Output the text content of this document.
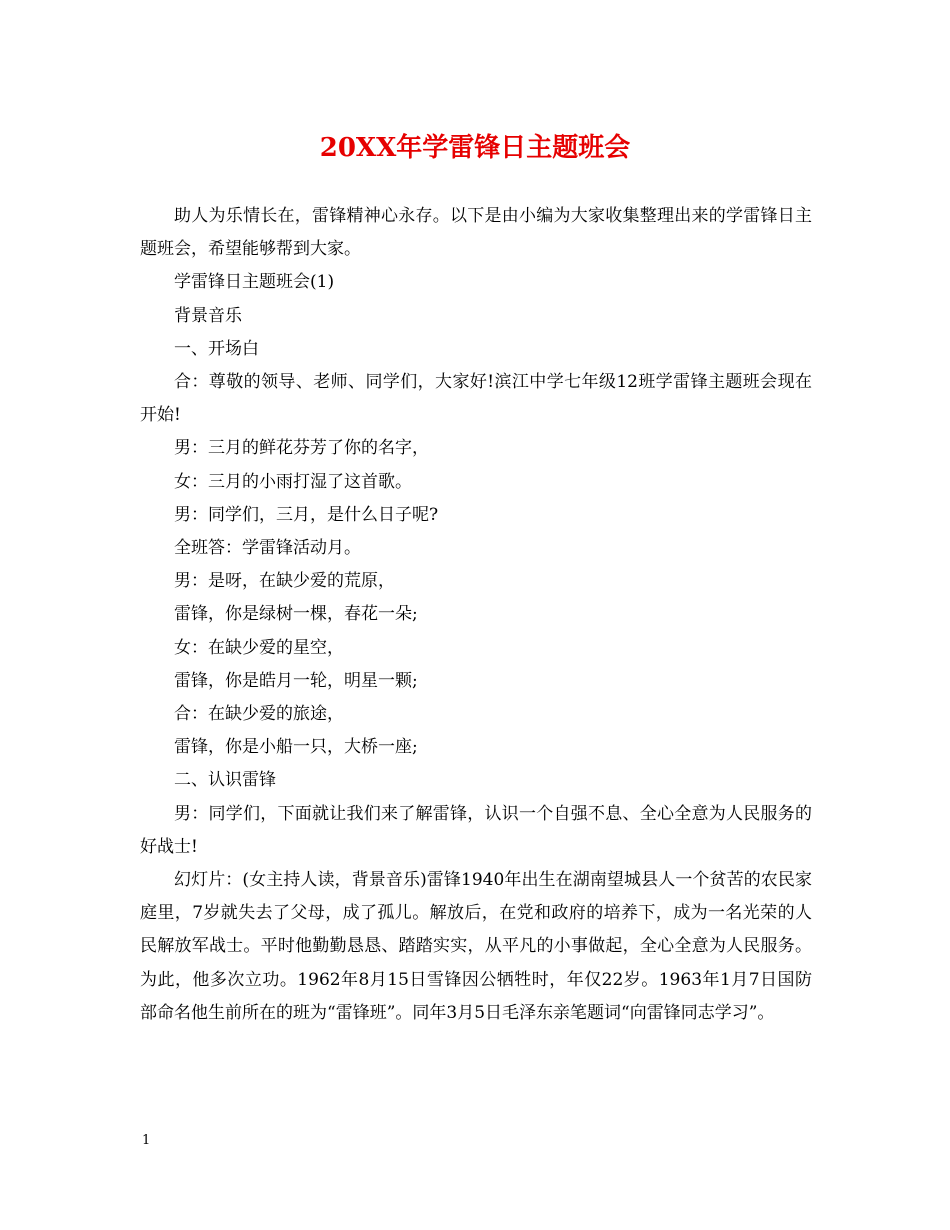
20XX年学雷锋日主题班会

助人为乐情长在，雷锋精神心永存。以下是由小编为大家收集整理出来的学雷锋日主题班会，希望能够帮到大家。

学雷锋日主题班会(1)

背景音乐

一、开场白

合：尊敬的领导、老师、同学们，大家好!滨江中学七年级12班学雷锋主题班会现在开始!

男：三月的鲜花芬芳了你的名字，

女：三月的小雨打湿了这首歌。

男：同学们，三月，是什么日子呢?

全班答：学雷锋活动月。

男：是呀，在缺少爱的荒原，

雷锋，你是绿树一棵，春花一朵;

女：在缺少爱的星空，

雷锋，你是皓月一轮，明星一颗;

合：在缺少爱的旅途，

雷锋，你是小船一只，大桥一座;

二、认识雷锋

男：同学们，下面就让我们来了解雷锋，认识一个自强不息、全心全意为人民服务的好战士!

幻灯片：(女主持人读，背景音乐)雷锋1940年出生在湖南望城县人一个贫苦的农民家庭里，7岁就失去了父母，成了孤儿。解放后，在党和政府的培养下，成为一名光荣的人民解放军战士。平时他勤勤恳恳、踏踏实实，从平凡的小事做起，全心全意为人民服务。为此，他多次立功。1962年8月15日雪锋因公牺牲时，年仅22岁。1963年1月7日国防部命名他生前所在的班为“雷锋班”。同年3月5日毛泽东亲笔题词“向雷锋同志学习”。

1
